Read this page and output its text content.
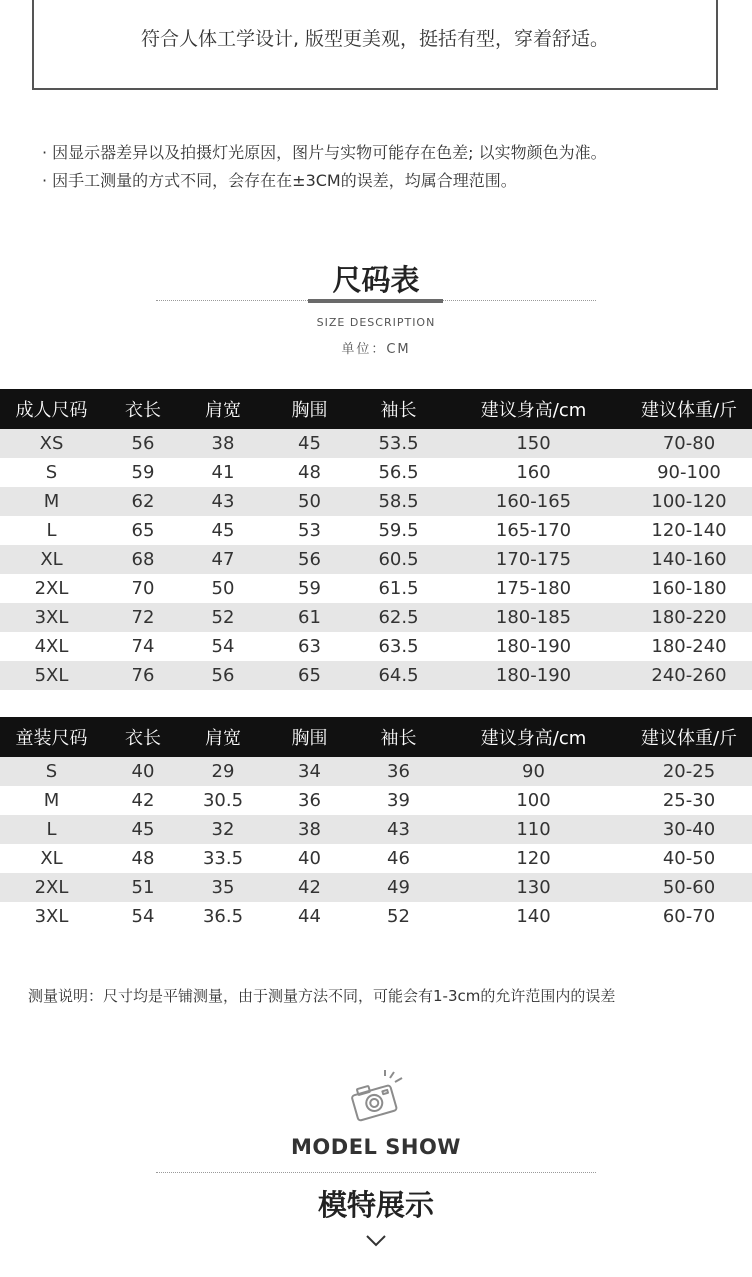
符合人体工学设计, 版型更美观，挺括有型，穿着舒适。
· 因显示器差异以及拍摄灯光原因，图片与实物可能存在色差; 以实物颜色为准。
· 因手工测量的方式不同，会存在在±3CM的误差，均属合理范围。
尺码表
SIZE DESCRIPTION
单位：CM
成人尺码	衣长	肩宽	胸围	袖长	建议身高/cm	建议体重/斤
XS	56	38	45	53.5	150	70-80
S	59	41	48	56.5	160	90-100
M	62	43	50	58.5	160-165	100-120
L	65	45	53	59.5	165-170	120-140
XL	68	47	56	60.5	170-175	140-160
2XL	70	50	59	61.5	175-180	160-180
3XL	72	52	61	62.5	180-185	180-220
4XL	74	54	63	63.5	180-190	180-240
5XL	76	56	65	64.5	180-190	240-260
童装尺码	衣长	肩宽	胸围	袖长	建议身高/cm	建议体重/斤
S	40	29	34	36	90	20-25
M	42	30.5	36	39	100	25-30
L	45	32	38	43	110	30-40
XL	48	33.5	40	46	120	40-50
2XL	51	35	42	49	130	50-60
3XL	54	36.5	44	52	140	60-70
测量说明：尺寸均是平铺测量，由于测量方法不同，可能会有1-3cm的允许范围内的误差
MODEL SHOW
模特展示
